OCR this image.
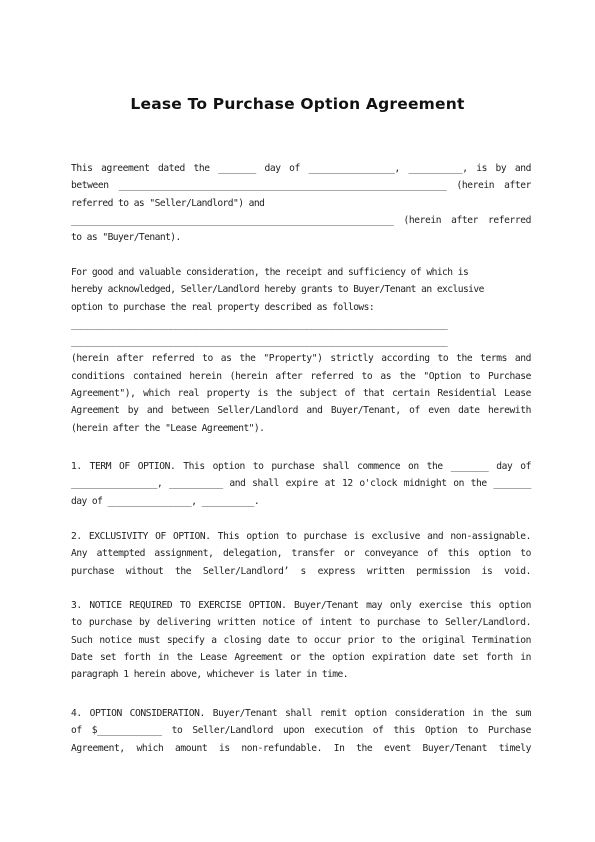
Lease To Purchase Option Agreement
This agreement dated the _______ day of ________________, __________, is by and
between _____________________________________________________________ (herein after
referred to as "Seller/Landlord") and
____________________________________________________________ (herein after referred
to as "Buyer/Tenant).
For good and valuable consideration, the receipt and sufficiency of which is
hereby acknowledged, Seller/Landlord hereby grants to Buyer/Tenant an exclusive
option to purchase the real property described as follows:
________________________________________________________________________
________________________________________________________________________
(herein after referred to as the "Property") strictly according to the terms and
conditions contained herein (herein after referred to as the "Option to Purchase
Agreement"), which real property is the subject of that certain Residential Lease
Agreement by and between Seller/Landlord and Buyer/Tenant, of even date herewith
(herein after the "Lease Agreement").
1. TERM OF OPTION. This option to purchase shall commence on the _______ day of
________________, __________ and shall expire at 12 o'clock midnight on the _______
day of ________________, __________.
2. EXCLUSIVITY OF OPTION. This option to purchase is exclusive and non-assignable.
Any attempted assignment, delegation, transfer or conveyance of this option to
purchase without the Seller/Landlord’ s express written permission is void.
3. NOTICE REQUIRED TO EXERCISE OPTION. Buyer/Tenant may only exercise this option
to purchase by delivering written notice of intent to purchase to Seller/Landlord.
Such notice must specify a closing date to occur prior to the original Termination
Date set forth in the Lease Agreement or the option expiration date set forth in
paragraph 1 herein above, whichever is later in time.
4. OPTION CONSIDERATION. Buyer/Tenant shall remit option consideration in the sum
of $____________ to Seller/Landlord upon execution of this Option to Purchase
Agreement, which amount is non-refundable. In the event Buyer/Tenant timely
